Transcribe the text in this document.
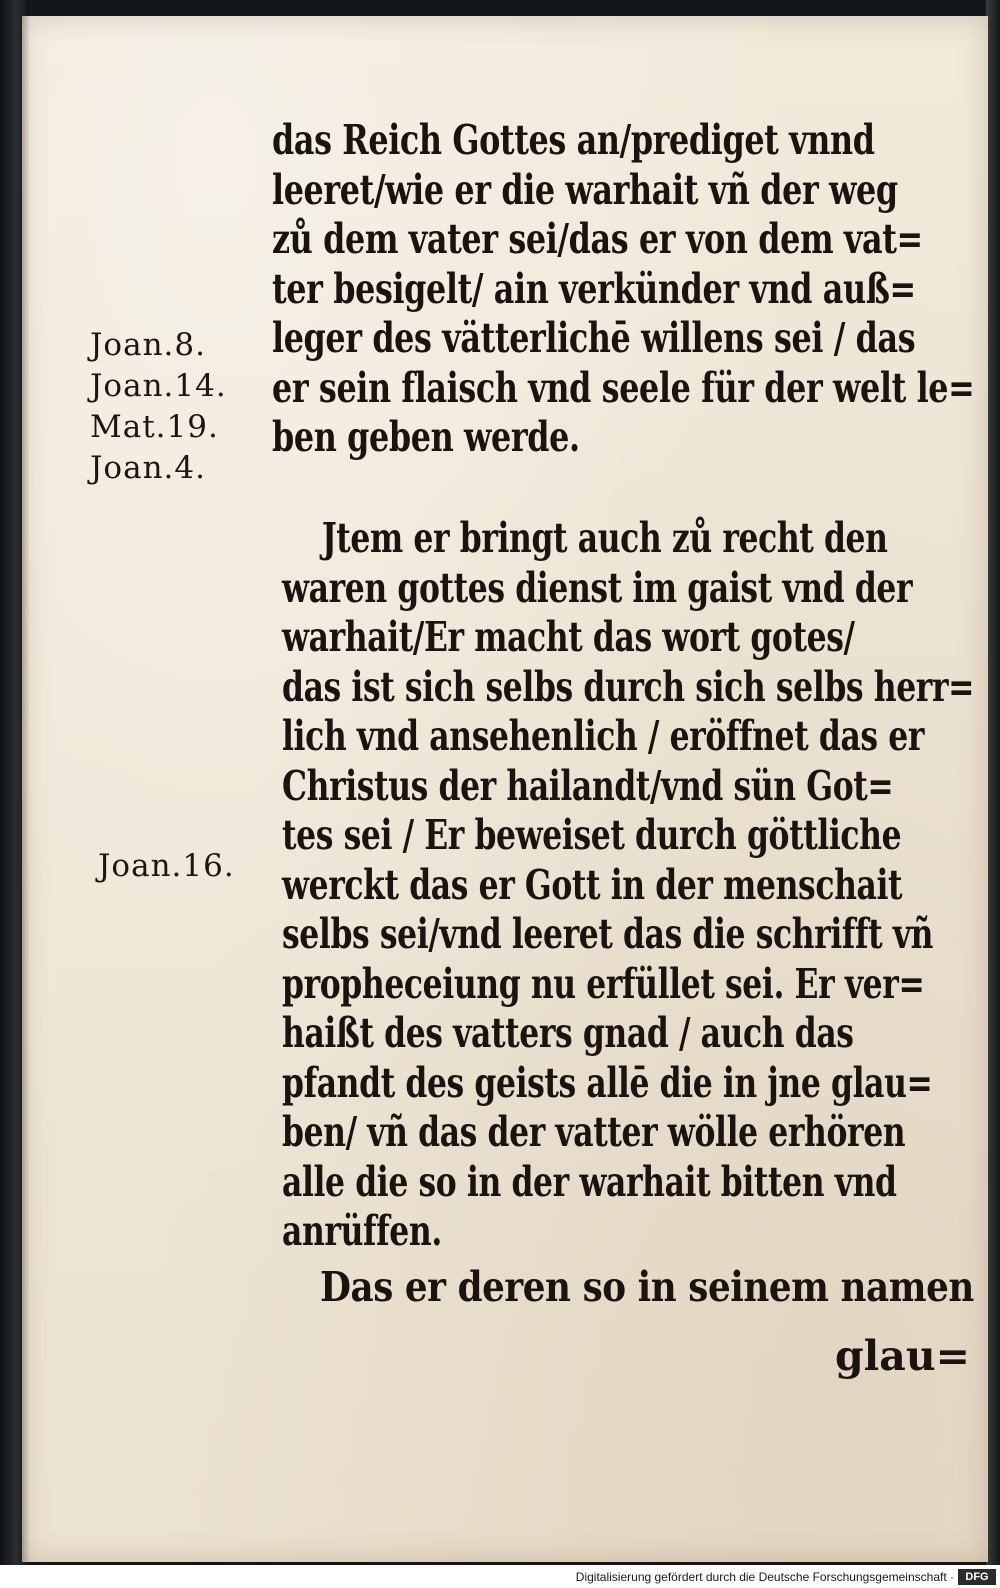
Joan.8.
Joan.14.
Mat.19.
Joan.4.
Joan.16.
das Reich Gottes an/prediget vnnd
leeret/wie er die warhait vñ der weg
zů dem vater sei/das er von dem vat=
ter besigelt/ ain verkünder vnd auß=
leger des vätterlichē willens sei / das
er sein flaisch vnd seele für der welt le=
ben geben werde.
Jtem er bringt auch zů recht den
waren gottes dienst im gaist vnd der
warhait/Er macht das wort gotes/
das ist sich selbs durch sich selbs herr=
lich vnd ansehenlich / eröffnet das er
Christus der hailandt/vnd sün Got=
tes sei / Er beweiset durch göttliche
werckt das er Gott in der menschait
selbs sei/vnd leeret das die schrifft vñ
propheceiung nu erfüllet sei. Er ver=
haißt des vatters gnad / auch das
pfandt des geists allē die in jne glau=
ben/ vñ das der vatter wölle erhören
alle die so in der warhait bitten vnd
anrüffen.
Das er deren so in seinem namen
glau=
Digitalisierung gefördert durch die Deutsche Forschungsgemeinschaft ·	DFG
